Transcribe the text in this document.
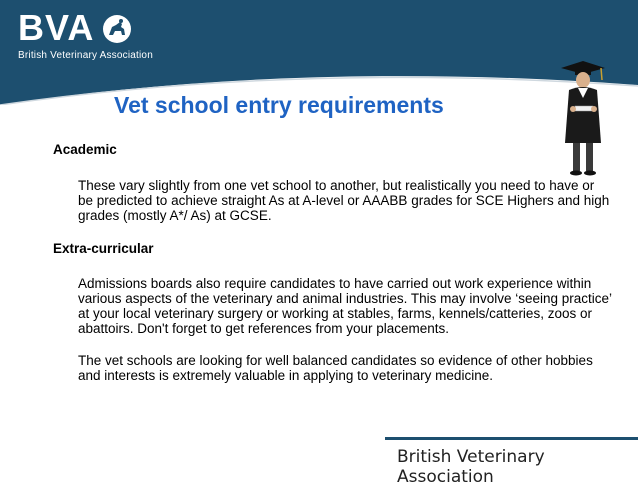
BVA
British Veterinary Association
Vet school entry requirements

Academic

These vary slightly from one vet school to another, but realistically you need to have or be predicted to achieve straight As at A-level or AAABB grades for SCE Highers and high grades (mostly A*/ As) at GCSE.

Extra-curricular

Admissions boards also require candidates to have carried out work experience within various aspects of the veterinary and animal industries. This may involve ‘seeing practice’ at your local veterinary surgery or working at stables, farms, kennels/catteries, zoos or abattoirs. Don't forget to get references from your placements.

The vet schools are looking for well balanced candidates so evidence of other hobbies and interests is extremely valuable in applying to veterinary medicine.

British Veterinary Association
